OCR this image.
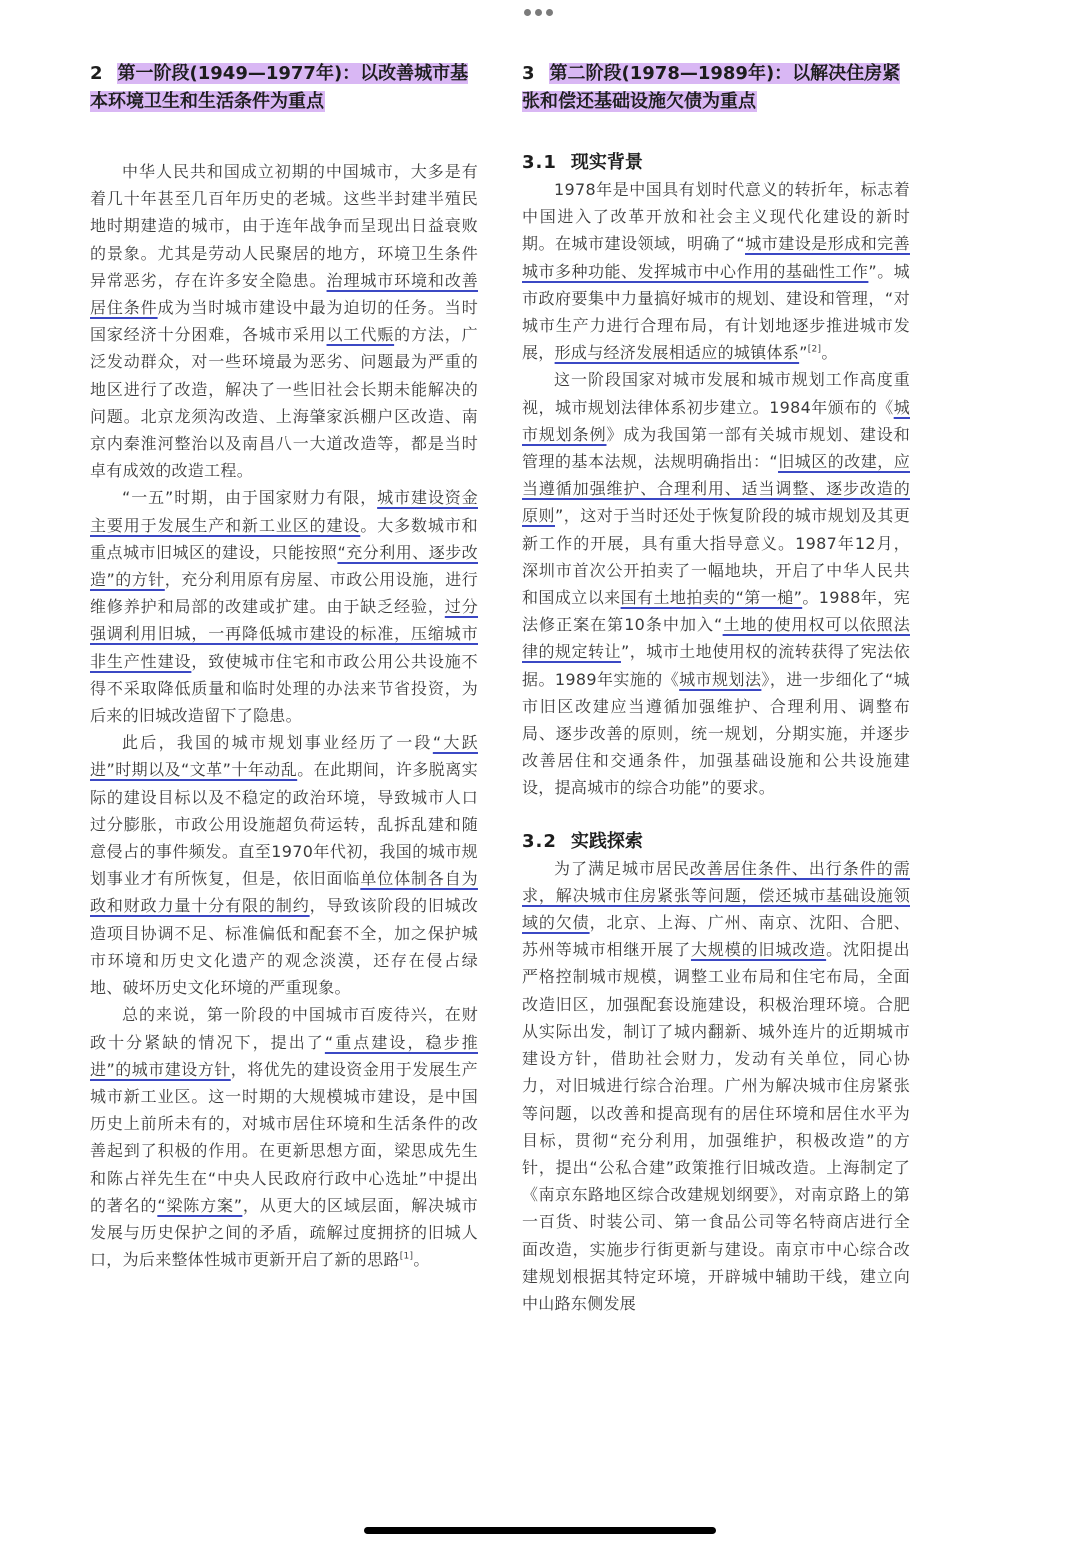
2 第一阶段(1949—1977年)：以改善城市基本环境卫生和生活条件为重点

中华人民共和国成立初期的中国城市，大多是有着几十年甚至几百年历史的老城。这些半封建半殖民地时期建造的城市，由于连年战争而呈现出日益衰败的景象。尤其是劳动人民聚居的地方，环境卫生条件异常恶劣，存在许多安全隐患。治理城市环境和改善居住条件成为当时城市建设中最为迫切的任务。当时国家经济十分困难，各城市采用以工代赈的方法，广泛发动群众，对一些环境最为恶劣、问题最为严重的地区进行了改造，解决了一些旧社会长期未能解决的问题。北京龙须沟改造、上海肇家浜棚户区改造、南京内秦淮河整治以及南昌八一大道改造等，都是当时卓有成效的改造工程。

“一五”时期，由于国家财力有限，城市建设资金主要用于发展生产和新工业区的建设。大多数城市和重点城市旧城区的建设，只能按照“充分利用、逐步改造”的方针，充分利用原有房屋、市政公用设施，进行维修养护和局部的改建或扩建。由于缺乏经验，过分强调利用旧城，一再降低城市建设的标准，压缩城市非生产性建设，致使城市住宅和市政公用公共设施不得不采取降低质量和临时处理的办法来节省投资，为后来的旧城改造留下了隐患。

此后，我国的城市规划事业经历了一段“大跃进”时期以及“文革”十年动乱。在此期间，许多脱离实际的建设目标以及不稳定的政治环境，导致城市人口过分膨胀，市政公用设施超负荷运转，乱拆乱建和随意侵占的事件频发。直至1970年代初，我国的城市规划事业才有所恢复，但是，依旧面临单位体制各自为政和财政力量十分有限的制约，导致该阶段的旧城改造项目协调不足、标准偏低和配套不全，加之保护城市环境和历史文化遗产的观念淡漠，还存在侵占绿地、破坏历史文化环境的严重现象。

总的来说，第一阶段的中国城市百废待兴，在财政十分紧缺的情况下，提出了“重点建设，稳步推进”的城市建设方针，将优先的建设资金用于发展生产城市新工业区。这一时期的大规模城市建设，是中国历史上前所未有的，对城市居住环境和生活条件的改善起到了积极的作用。在更新思想方面，梁思成先生和陈占祥先生在“中央人民政府行政中心选址”中提出的著名的“梁陈方案”，从更大的区域层面，解决城市发展与历史保护之间的矛盾，疏解过度拥挤的旧城人口，为后来整体性城市更新开启了新的思路[1]。

3 第二阶段(1978—1989年)：以解决住房紧张和偿还基础设施欠债为重点
3.1 现实背景

1978年是中国具有划时代意义的转折年，标志着中国进入了改革开放和社会主义现代化建设的新时期。在城市建设领域，明确了“城市建设是形成和完善城市多种功能、发挥城市中心作用的基础性工作”。城市政府要集中力量搞好城市的规划、建设和管理，“对城市生产力进行合理布局，有计划地逐步推进城市发展，形成与经济发展相适应的城镇体系”[2]。

这一阶段国家对城市发展和城市规划工作高度重视，城市规划法律体系初步建立。1984年颁布的《城市规划条例》成为我国第一部有关城市规划、建设和管理的基本法规，法规明确指出：“旧城区的改建，应当遵循加强维护、合理利用、适当调整、逐步改造的原则”，这对于当时还处于恢复阶段的城市规划及其更新工作的开展，具有重大指导意义。1987年12月，深圳市首次公开拍卖了一幅地块，开启了中华人民共和国成立以来国有土地拍卖的“第一槌”。1988年，宪法修正案在第10条中加入“土地的使用权可以依照法律的规定转让”，城市土地使用权的流转获得了宪法依据。1989年实施的《城市规划法》，进一步细化了“城市旧区改建应当遵循加强维护、合理利用、调整布局、逐步改善的原则，统一规划，分期实施，并逐步改善居住和交通条件，加强基础设施和公共设施建设，提高城市的综合功能”的要求。

3.2 实践探索

为了满足城市居民改善居住条件、出行条件的需求，解决城市住房紧张等问题，偿还城市基础设施领域的欠债，北京、上海、广州、南京、沈阳、合肥、苏州等城市相继开展了大规模的旧城改造。沈阳提出严格控制城市规模，调整工业布局和住宅布局，全面改造旧区，加强配套设施建设，积极治理环境。合肥从实际出发，制订了城内翻新、城外连片的近期城市建设方针，借助社会财力，发动有关单位，同心协力，对旧城进行综合治理。广州为解决城市住房紧张等问题，以改善和提高现有的居住环境和居住水平为目标，贯彻“充分利用，加强维护，积极改造”的方针，提出“公私合建”政策推行旧城改造。上海制定了《南京东路地区综合改建规划纲要》，对南京路上的第一百货、时装公司、第一食品公司等名特商店进行全面改造，实施步行街更新与建设。南京市中心综合改建规划根据其特定环境，开辟城中辅助干线，建立向中山路东侧发展
